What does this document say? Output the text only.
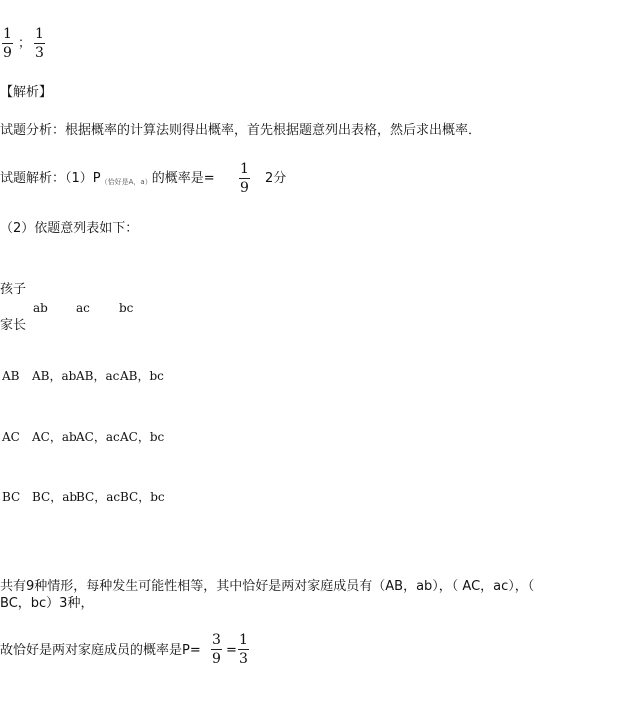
1
9
；
1
3
【解析】
试题分析：根据概率的计算法则得出概率，首先根据题意列出表格，然后求出概率．
试题解析：（1）P（恰好是A，a）的概率是=
1
9
2分
（2）依题意列表如下：
孩子
家长
ab ac bc
AB AB，ab AB，ac AB，bc
AC AC，ab AC，ac AC，bc
BC BC，ab
BC，ac BC，bc
共有9种情形，每种发生可能性相等，其中恰好是两对家庭成员有（AB，ab），（ AC，ac），（
BC，bc）3种，
故恰好是两对家庭成员的概率是P=
3
9
=
1
3
